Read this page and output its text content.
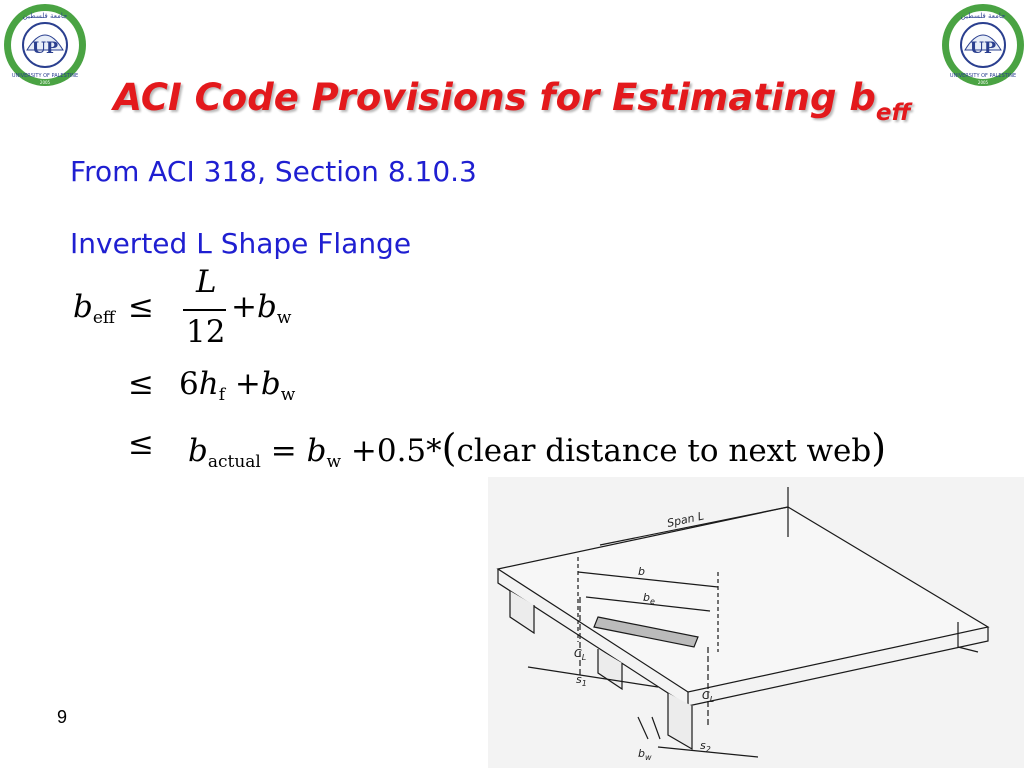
UP
UNIVERSITY OF PALESTINE
2005
جامعة فلسطين
UP
UNIVERSITY OF PALESTINE
2005
جامعة فلسطين
ACI Code Provisions for Estimating $b_{eff}$
From ACI 318, Section 8.10.3
Inverted L Shape Flange
$b_{eff}$ ≤
L
12
$+b_w$
≤ $6h_f +b_w$
≤ $b_{actual} = b_w$ +0.5*(clear distance to next web)
9
Span L
b
$b_e$
$C_L$
$C_L$
$s_1$
$s_2$
$b_w$
